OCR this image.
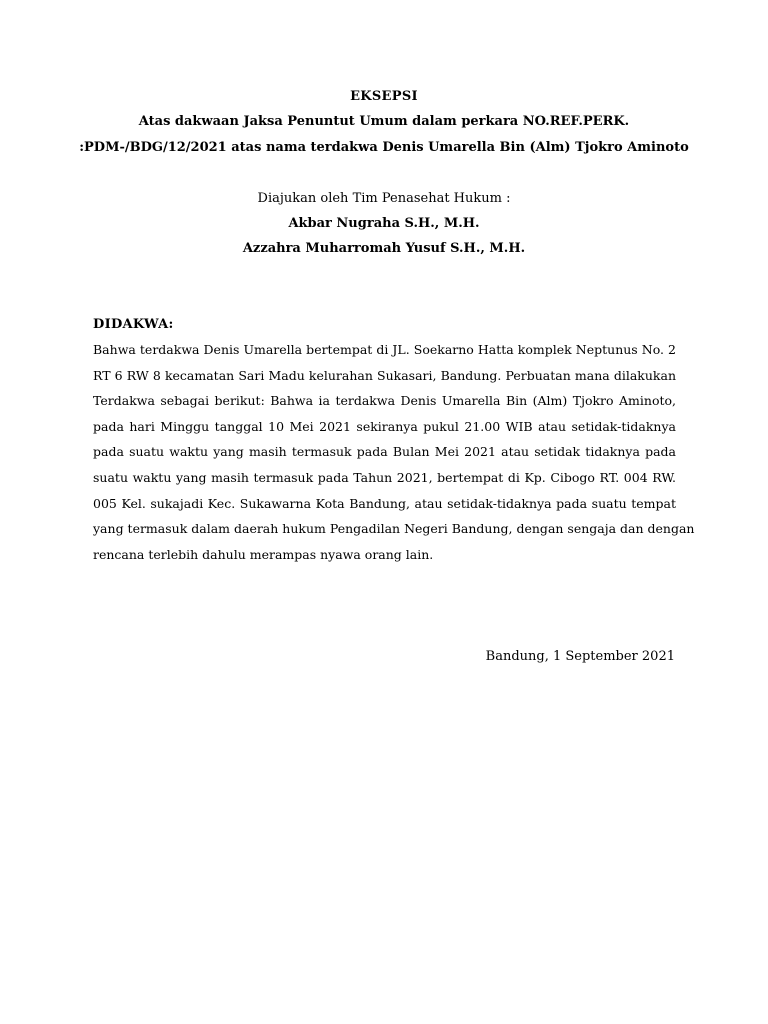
EKSEPSI
Atas dakwaan Jaksa Penuntut Umum dalam perkara NO.REF.PERK.
:PDM-/BDG/12/2021 atas nama terdakwa Denis Umarella Bin (Alm) Tjokro Aminoto
Diajukan oleh Tim Penasehat Hukum :
Akbar Nugraha S.H., M.H.
Azzahra Muharromah Yusuf S.H., M.H.
DIDAKWA:
Bahwa terdakwa Denis Umarella bertempat di JL. Soekarno Hatta komplek Neptunus No. 2
RT 6 RW 8 kecamatan Sari Madu kelurahan Sukasari, Bandung. Perbuatan mana dilakukan
Terdakwa sebagai berikut: Bahwa ia terdakwa Denis Umarella Bin (Alm) Tjokro Aminoto,
pada hari Minggu tanggal 10 Mei 2021 sekiranya pukul 21.00 WIB atau setidak-tidaknya
pada suatu waktu yang masih termasuk pada Bulan Mei 2021 atau setidak tidaknya pada
suatu waktu yang masih termasuk pada Tahun 2021, bertempat di Kp. Cibogo RT. 004 RW.
005 Kel. sukajadi Kec. Sukawarna Kota Bandung, atau setidak-tidaknya pada suatu tempat
yang termasuk dalam daerah hukum Pengadilan Negeri Bandung, dengan sengaja dan dengan
rencana terlebih dahulu merampas nyawa orang lain.
Bandung, 1 September 2021
